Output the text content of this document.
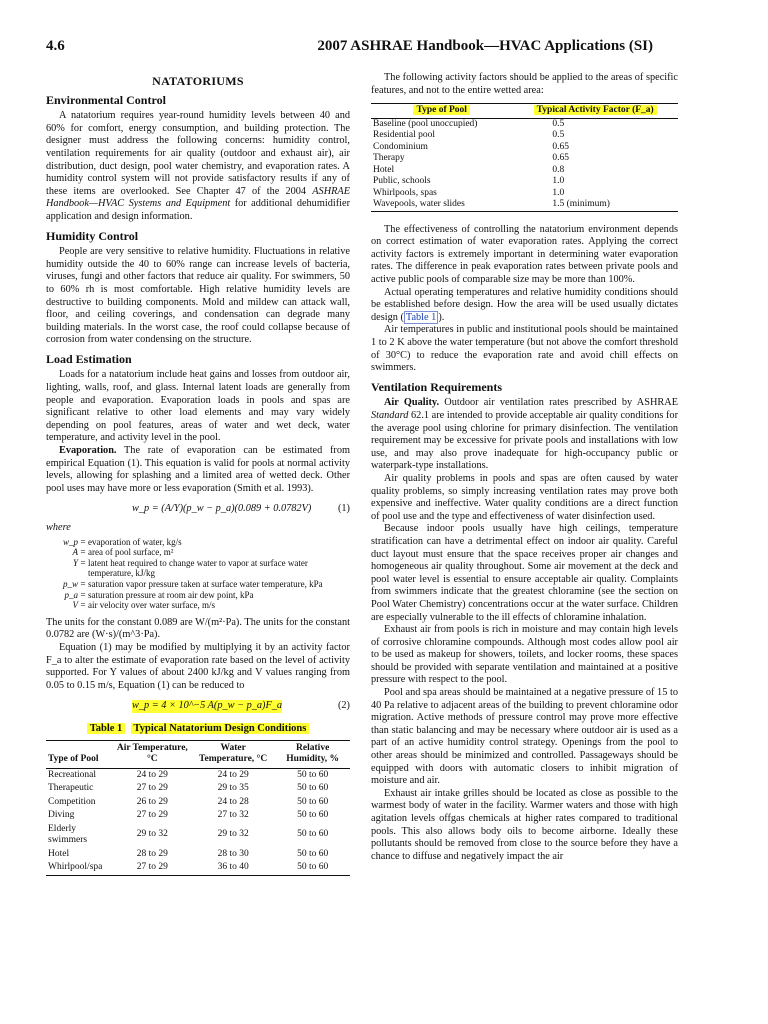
4.6	2007 ASHRAE Handbook—HVAC Applications (SI)
NATATORIUMS
Environmental Control

A natatorium requires year-round humidity levels between 40 and 60% for comfort, energy consumption, and building protection. The designer must address the following concerns: humidity control, ventilation requirements for air quality (outdoor and exhaust air), air distribution, duct design, pool water chemistry, and evaporation rates. A humidity control system will not provide satisfactory results if any of these items are overlooked. See Chapter 47 of the 2004 ASHRAE Handbook—HVAC Systems and Equipment for additional dehumidifier application and design information.

Humidity Control

People are very sensitive to relative humidity. Fluctuations in relative humidity outside the 40 to 60% range can increase levels of bacteria, viruses, fungi and other factors that reduce air quality. For swimmers, 50 to 60% rh is most comfortable. High relative humidity levels are destructive to building components. Mold and mildew can attack wall, floor, and ceiling coverings, and condensation can degrade many building materials. In the worst case, the roof could collapse because of corrosion from water condensing on the structure.

Load Estimation

Loads for a natatorium include heat gains and losses from outdoor air, lighting, walls, roof, and glass. Internal latent loads are generally from people and evaporation. Evaporation loads in pools and spas are significant relative to other load elements and may vary widely depending on pool features, areas of water and wet deck, water temperature, and activity level in the pool.

Evaporation. The rate of evaporation can be estimated from empirical Equation (1). This equation is valid for pools at normal activity levels, allowing for splashing and a limited area of wetted deck. Other pool uses may have more or less evaporation (Smith et al. 1993).

w_p = (A/Y)(p_w − p_a)(0.089 + 0.0782V)	(1)
where
w_p = evaporation of water, kg/s
A = area of pool surface, m²
Y = latent heat required to change water to vapor at surface water temperature, kJ/kg
p_w = saturation vapor pressure taken at surface water temperature, kPa
p_a = saturation pressure at room air dew point, kPa
V = air velocity over water surface, m/s

The units for the constant 0.089 are W/(m²·Pa). The units for the constant 0.0782 are (W·s)/(m^3·Pa).

Equation (1) may be modified by multiplying it by an activity factor F_a to alter the estimate of evaporation rate based on the level of activity supported. For Y values of about 2400 kJ/kg and V values ranging from 0.05 to 0.15 m/s, Equation (1) can be reduced to

w_p = 4 × 10^−5 A(p_w − p_a)F_a	(2)
Table 1 Typical Natatorium Design Conditions
Type of Pool	Air Temperature, °C	Water Temperature, °C	Relative Humidity, %
Recreational	24 to 29	24 to 29	50 to 60
Therapeutic	27 to 29	29 to 35	50 to 60
Competition	26 to 29	24 to 28	50 to 60
Diving	27 to 29	27 to 32	50 to 60
Elderly swimmers	29 to 32	29 to 32	50 to 60
Hotel	28 to 29	28 to 30	50 to 60
Whirlpool/spa	27 to 29	36 to 40	50 to 60

The following activity factors should be applied to the areas of specific features, and not to the entire wetted area:

Type of Pool	Typical Activity Factor (F_a)
Baseline (pool unoccupied)	0.5
Residential pool	0.5
Condominium	0.65
Therapy	0.65
Hotel	0.8
Public, schools	1.0
Whirlpools, spas	1.0
Wavepools, water slides	1.5 (minimum)

The effectiveness of controlling the natatorium environment depends on correct estimation of water evaporation rates. Applying the correct activity factors is extremely important in determining water evaporation rates. The difference in peak evaporation rates between private pools and active public pools of comparable size may be more than 100%.

Actual operating temperatures and relative humidity conditions should be established before design. How the area will be used usually dictates design ( Table 1 ).

Air temperatures in public and institutional pools should be maintained 1 to 2 K above the water temperature (but not above the comfort threshold of 30°C) to reduce the evaporation rate and avoid chill effects on swimmers.

Ventilation Requirements

Air Quality. Outdoor air ventilation rates prescribed by ASHRAE Standard 62.1 are intended to provide acceptable air quality conditions for the average pool using chlorine for primary disinfection. The ventilation requirement may be excessive for private pools and installations with low use, and may also prove inadequate for high-occupancy public or waterpark-type installations.

Air quality problems in pools and spas are often caused by water quality problems, so simply increasing ventilation rates may prove both expensive and ineffective. Water quality conditions are a direct function of pool use and the type and effectiveness of water disinfection used.

Because indoor pools usually have high ceilings, temperature stratification can have a detrimental effect on indoor air quality. Careful duct layout must ensure that the space receives proper air changes and homogeneous air quality throughout. Some air movement at the deck and pool water level is essential to ensure acceptable air quality. Complaints from swimmers indicate that the greatest chloramine (see the section on Pool Water Chemistry) concentrations occur at the water surface. Children are especially vulnerable to the ill effects of chloramine inhalation.

Exhaust air from pools is rich in moisture and may contain high levels of corrosive chloramine compounds. Although most codes allow pool air to be used as makeup for showers, toilets, and locker rooms, these spaces should be provided with separate ventilation and maintained at a positive pressure with respect to the pool.

Pool and spa areas should be maintained at a negative pressure of 15 to 40 Pa relative to adjacent areas of the building to prevent chloramine odor migration. Active methods of pressure control may prove more effective than static balancing and may be necessary where outdoor air is used as a part of an active humidity control strategy. Openings from the pool to other areas should be minimized and controlled. Passageways should be equipped with doors with automatic closers to inhibit migration of moisture and air.

Exhaust air intake grilles should be located as close as possible to the warmest body of water in the facility. Warmer waters and those with high agitation levels offgas chemicals at higher rates compared to traditional pools. This also allows body oils to become airborne. Ideally these pollutants should be removed from close to the source before they have a chance to diffuse and negatively impact the air
